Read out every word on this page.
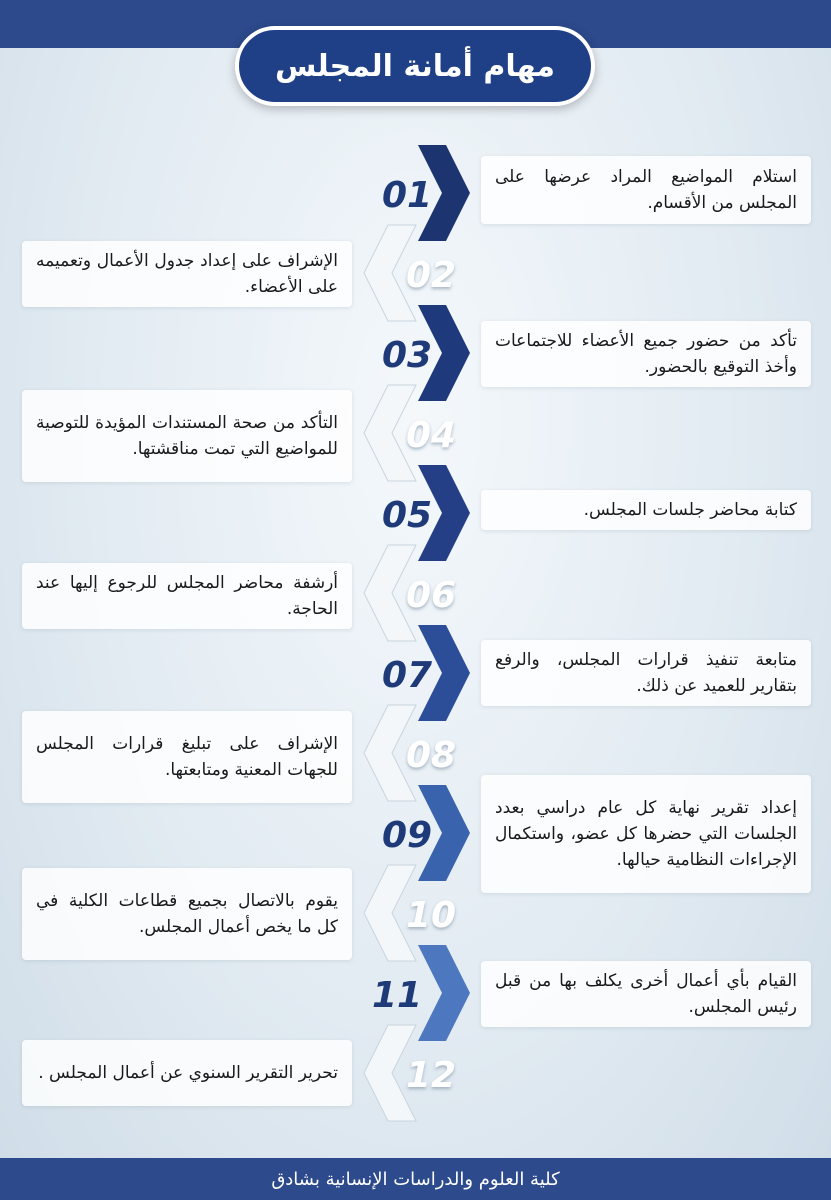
مهام أمانة المجلس
01
02
03
04
05
06
07
08
09
10
11
12

استلام المواضيع المراد عرضها على المجلس من الأقسام.

الإشراف على إعداد جدول الأعمال وتعميمه على الأعضاء.

تأكد من حضور جميع الأعضاء للاجتماعات وأخذ التوقيع بالحضور.

التأكد من صحة المستندات المؤيدة للتوصية للمواضيع التي تمت مناقشتها.

كتابة محاضر جلسات المجلس.

أرشفة محاضر المجلس للرجوع إليها عند الحاجة.

متابعة تنفيذ قرارات المجلس، والرفع بتقارير للعميد عن ذلك.

الإشراف على تبليغ قرارات المجلس للجهات المعنية ومتابعتها.

إعداد تقرير نهاية كل عام دراسي بعدد الجلسات التي حضرها كل عضو، واستكمال الإجراءات النظامية حيالها.

يقوم بالاتصال بجميع قطاعات الكلية في كل ما يخص أعمال المجلس.

القيام بأي أعمال أخرى يكلف بها من قبل رئيس المجلس.

تحرير التقرير السنوي عن أعمال المجلس .

كلية العلوم والدراسات الإنسانية بشادق
